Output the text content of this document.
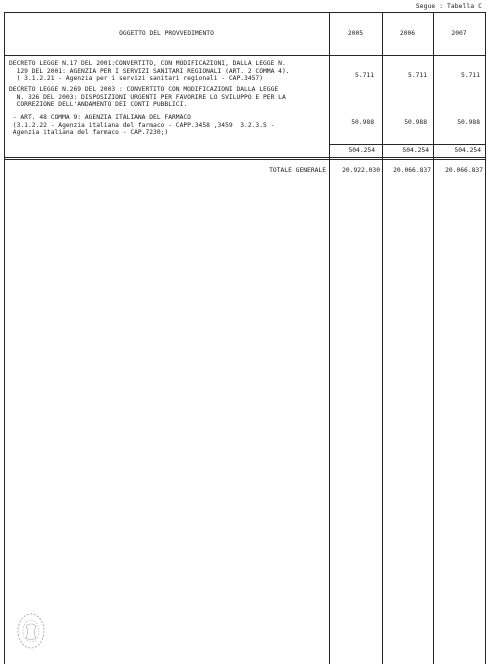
Segue : Tabella C
OGGETTO DEL PROVVEDIMENTO	2005	2006	2007
DECRETO LEGGE N.17 DEL 2001:CONVERTITO, CON MODIFICAZIONI, DALLA LEGGE N.
129 DEL 2001: AGENZIA PER I SERVIZI SANITARI REGIONALI (ART. 2 COMMA 4).
( 3.1.2.21 - Agenzia per i servizi sanitari regionali - CAP.3457)	5.711	5.711	5.711
DECRETO LEGGE N.269 DEL 2003 : CONVERTITO CON MODIFICAZIONI DALLA LEGGE
N. 326 DEL 2003: DISPOSIZIONI URGENTI PER FAVORIRE LO SVILUPPO E PER LA
CORREZIONE DELL'ANDAMENTO DEI CONTI PUBBLICI.
- ART. 48 COMMA 9: AGENZIA ITALIANA DEL FARMACO
(3.1.2.22 - Agenzia italiana del farmaco - CAPP.3458 ,3459  3.2.3.5 -
Agenzia italiana del farmaco - CAP.7230;)
50.988	50.988	50.988
504.254	504.254	504.254
TOTALE GENERALE	20.922.030 20.066.837 20.066.837
